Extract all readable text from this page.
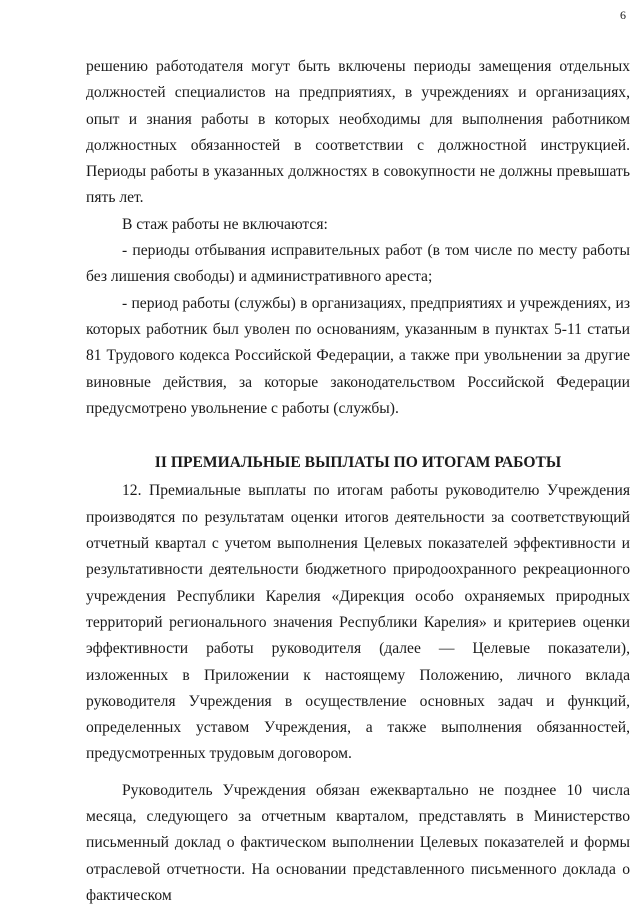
6

решению работодателя могут быть включены периоды замещения отдельных должностей специалистов на предприятиях, в учреждениях и организациях, опыт и знания работы в которых необходимы для выполнения работником должностных обязанностей в соответствии с должностной инструкцией. Периоды работы в указанных должностях в совокупности не должны превышать пять лет.

В стаж работы не включаются:

- периоды отбывания исправительных работ (в том числе по месту работы без лишения свободы) и административного ареста;

- период работы (службы) в организациях, предприятиях и учреждениях, из которых работник был уволен по основаниям, указанным в пунктах 5-11 статьи 81 Трудового кодекса Российской Федерации, а также при увольнении за другие виновные действия, за которые законодательством Российской Федерации предусмотрено увольнение с работы (службы).

II ПРЕМИАЛЬНЫЕ ВЫПЛАТЫ ПО ИТОГАМ РАБОТЫ

12. Премиальные выплаты по итогам работы руководителю Учреждения производятся по результатам оценки итогов деятельности за соответствующий отчетный квартал с учетом выполнения Целевых показателей эффективности и результативности деятельности бюджетного природоохранного рекреационного учреждения Республики Карелия «Дирекция особо охраняемых природных территорий регионального значения Республики Карелия» и критериев оценки эффективности работы руководителя (далее — Целевые показатели), изложенных в Приложении к настоящему Положению, личного вклада руководителя Учреждения в осуществление основных задач и функций, определенных уставом Учреждения, а также выполнения обязанностей, предусмотренных трудовым договором.

Руководитель Учреждения обязан ежеквартально не позднее 10 числа месяца, следующего за отчетным кварталом, представлять в Министерство письменный доклад о фактическом выполнении Целевых показателей и формы отраслевой отчетности. На основании представленного письменного доклада о фактическом
